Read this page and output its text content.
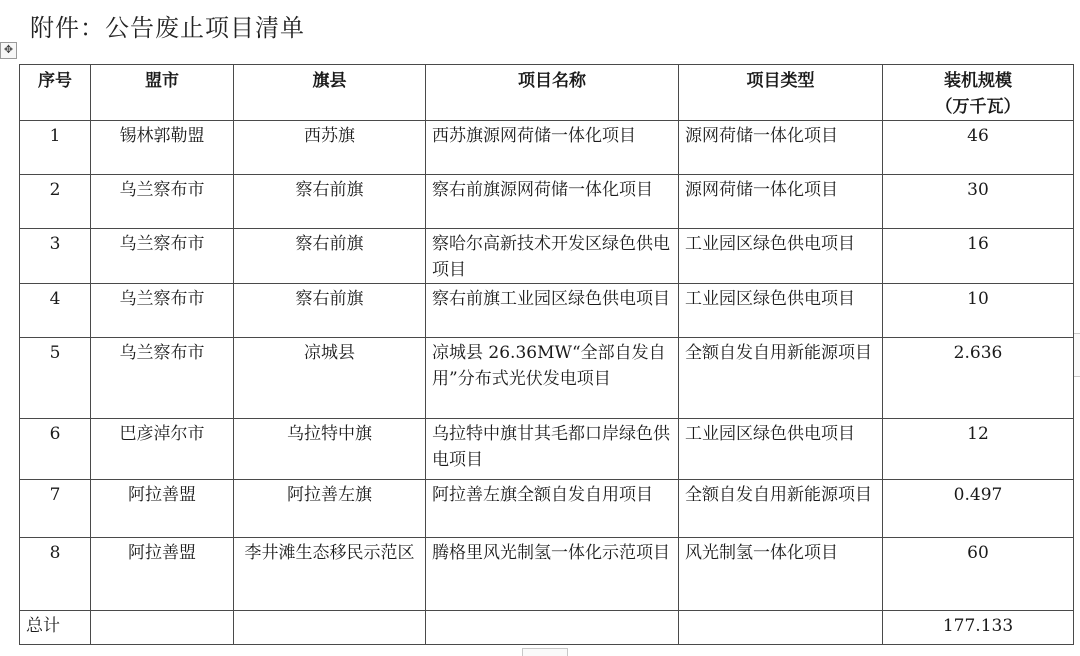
附件：公告废止项目清单
✥
序号	盟市	旗县	项目名称	项目类型	装机规模
（万千瓦）

1	锡林郭勒盟	西苏旗	西苏旗源网荷储一体化项目	源网荷储一体化项目	46
2	乌兰察布市	察右前旗	察右前旗源网荷储一体化项目	源网荷储一体化项目	30
3	乌兰察布市	察右前旗	察哈尔高新技术开发区绿色供电项目	工业园区绿色供电项目	16
4	乌兰察布市	察右前旗	察右前旗工业园区绿色供电项目	工业园区绿色供电项目	10
5	乌兰察布市	凉城县	凉城县 26.36MW“全部自发自用”分布式光伏发电项目	全额自发自用新能源项目	2.636
6	巴彦淖尔市	乌拉特中旗	乌拉特中旗甘其毛都口岸绿色供电项目	工业园区绿色供电项目	12
7	阿拉善盟	阿拉善左旗	阿拉善左旗全额自发自用项目	全额自发自用新能源项目	0.497
8	阿拉善盟	李井滩生态移民示范区	腾格里风光制氢一体化示范项目	风光制氢一体化项目	60
总计					177.133
